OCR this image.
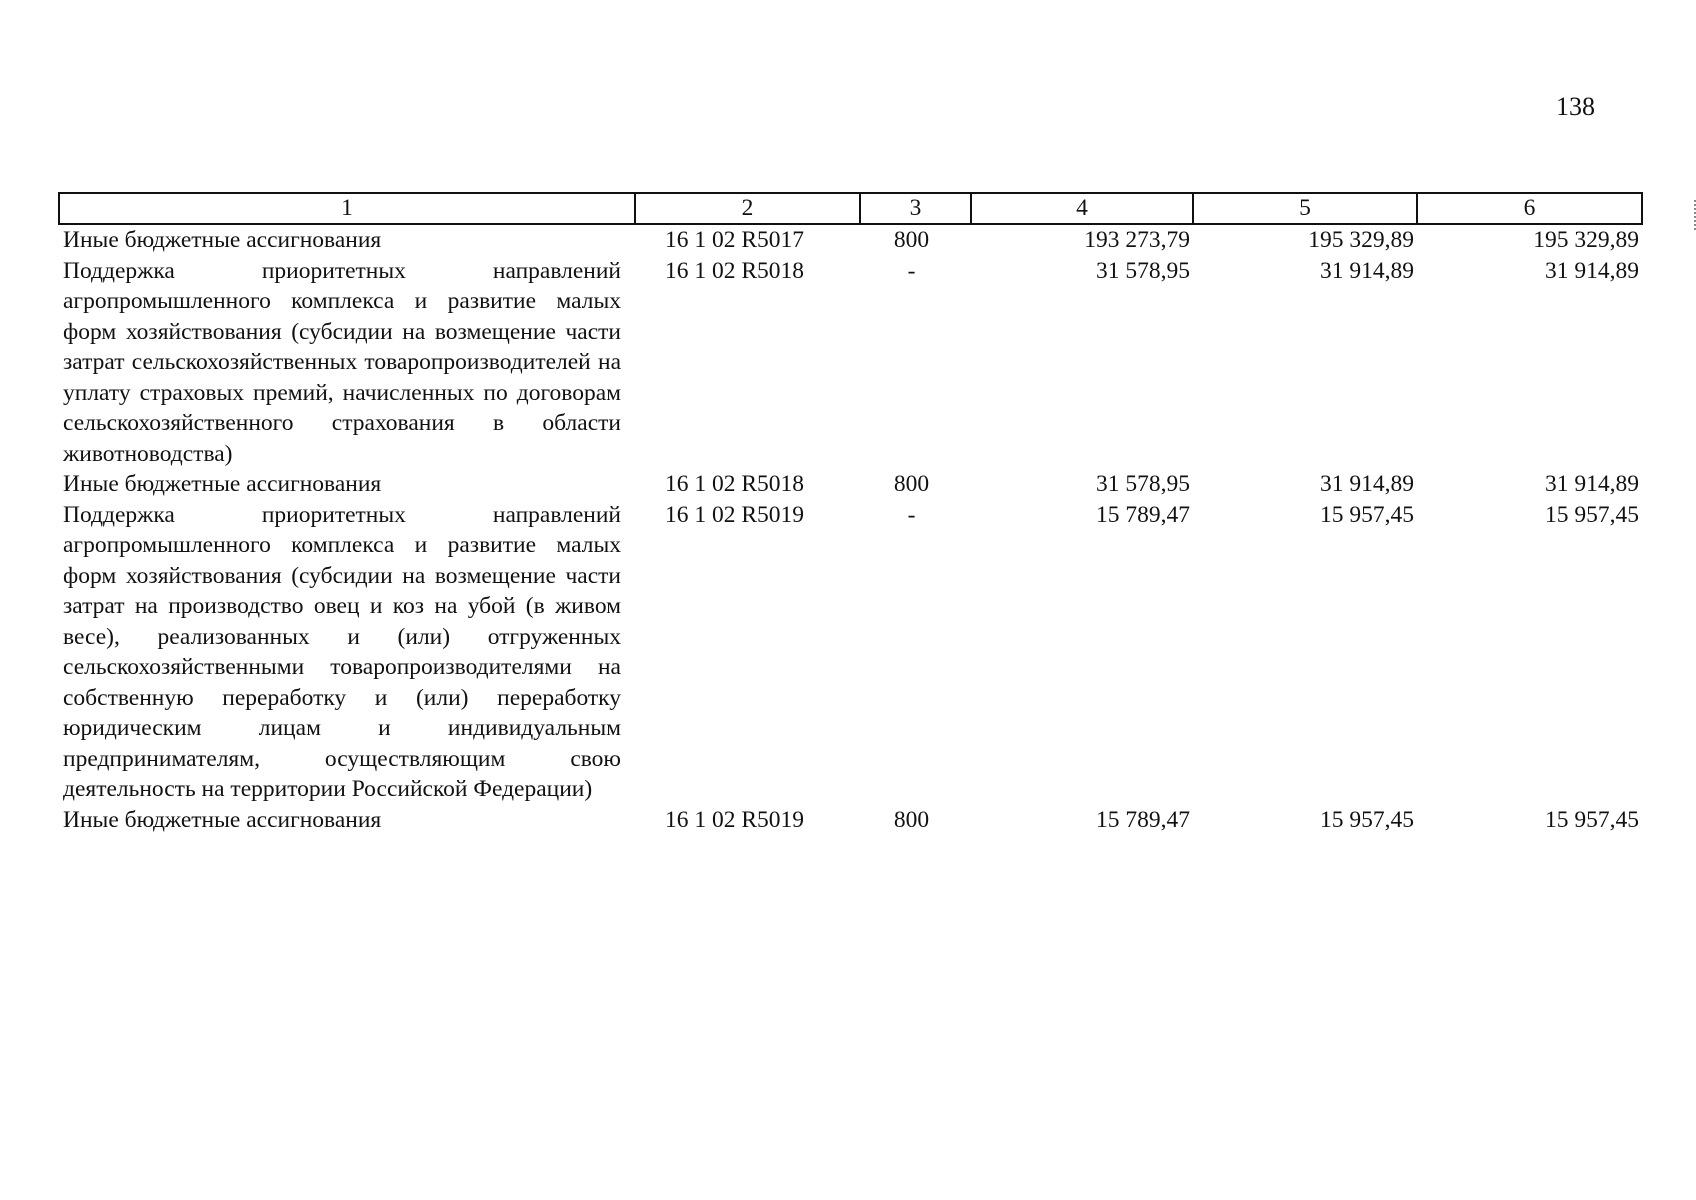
138
1	2	3	4	5	6
Иные бюджетные ассигнования	16 1 02 R5017	800	193 273,79	195 329,89	195 329,89
Поддержка приоритетных направлений агропромышленного комплекса и развитие малых форм хозяйствования (субсидии на возмещение части затрат сельскохозяйственных товаропроизводителей на уплату страховых премий, начисленных по договорам сельскохозяйственного страхования в области животноводства)	16 1 02 R5018	-	31 578,95	31 914,89	31 914,89
Иные бюджетные ассигнования	16 1 02 R5018	800	31 578,95	31 914,89	31 914,89
Поддержка приоритетных направлений агропромышленного комплекса и развитие малых форм хозяйствования (субсидии на возмещение части затрат на производство овец и коз на убой (в живом весе), реализованных и (или) отгруженных сельскохозяйственными товаропроизводителями на собственную переработку и (или) переработку юридическим лицам и индивидуальным предпринимателям, осуществляющим свою деятельность на территории Российской Федерации)	16 1 02 R5019	-	15 789,47	15 957,45	15 957,45
Иные бюджетные ассигнования	16 1 02 R5019	800	15 789,47	15 957,45	15 957,45
